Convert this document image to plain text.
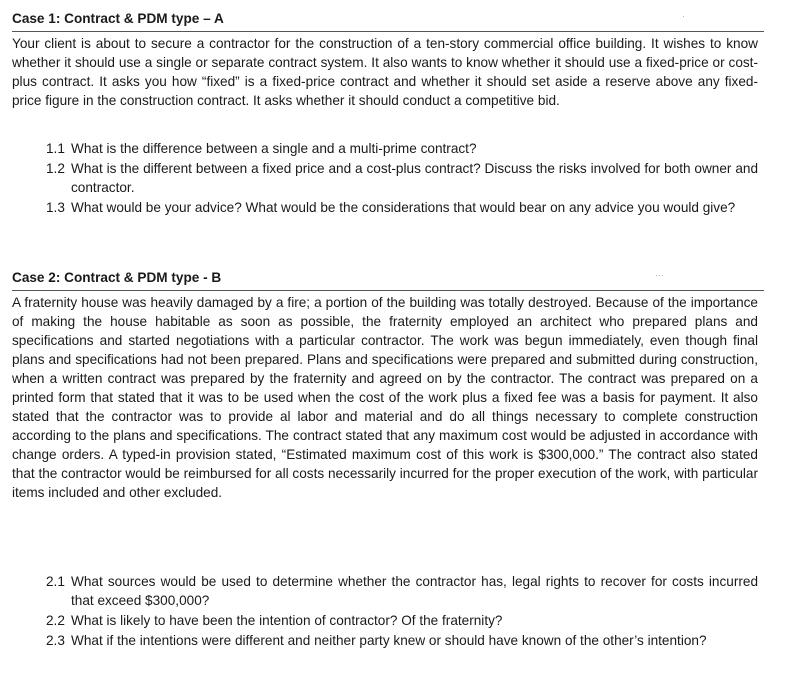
Case 1: Contract & PDM type – A	·

Your client is about to secure a contractor for the construction of a ten-story commercial office building. It wishes to know whether it should use a single or separate contract system. It also wants to know whether it should use a fixed-price or cost-plus contract. It asks you how “fixed” is a fixed-price contract and whether it should set aside a reserve above any fixed-price figure in the construction contract. It asks whether it should conduct a competitive bid.

1.1 What is the difference between a single and a multi-prime contract?
1.2 What is the different between a fixed price and a cost-plus contract? Discuss the risks involved for both owner and contractor.
1.3 What would be your advice? What would be the considerations that would bear on any advice you would give?
Case 2: Contract & PDM type - B	···

A fraternity house was heavily damaged by a fire; a portion of the building was totally destroyed. Because of the importance of making the house habitable as soon as possible, the fraternity employed an architect who prepared plans and specifications and started negotiations with a particular contractor. The work was begun immediately, even though final plans and specifications had not been prepared. Plans and specifications were prepared and submitted during construction, when a written contract was prepared by the fraternity and agreed on by the contractor. The contract was prepared on a printed form that stated that it was to be used when the cost of the work plus a fixed fee was a basis for payment. It also stated that the contractor was to provide al labor and material and do all things necessary to complete construction according to the plans and specifications. The contract stated that any maximum cost would be adjusted in accordance with change orders. A typed-in provision stated, “Estimated maximum cost of this work is $300,000.” The contract also stated that the contractor would be reimbursed for all costs necessarily incurred for the proper execution of the work, with particular items included and other excluded.

2.1 What sources would be used to determine whether the contractor has, legal rights to recover for costs incurred that exceed $300,000?
2.2 What is likely to have been the intention of contractor? Of the fraternity?
2.3 What if the intentions were different and neither party knew or should have known of the other’s intention?
